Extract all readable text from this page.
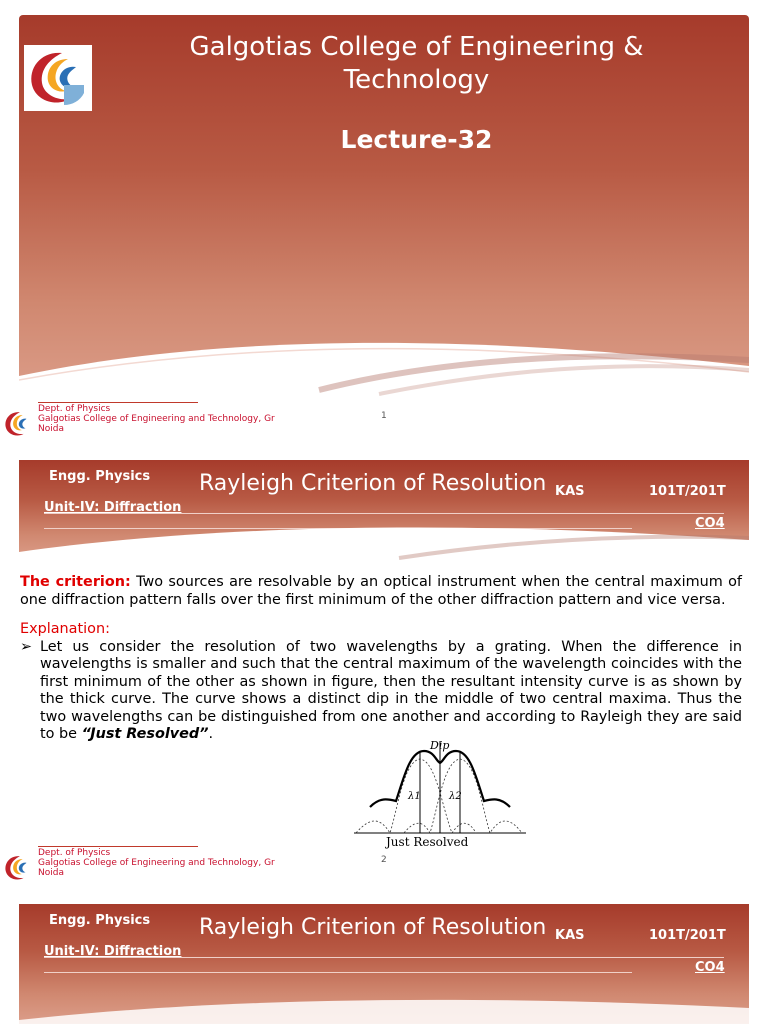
Galgotias College of Engineering & Technology
Lecture-32
Dept. of Physics
Galgotias College of Engineering and Technology, Gr Noida
1
Engg. Physics Rayleigh Criterion of Resolution KAS	101T/201T
Unit-IV: Diffraction
CO4

The criterion: Two sources are resolvable by an optical instrument when the central maximum of one diffraction pattern falls over the first minimum of the other diffraction pattern and vice versa.

Explanation:
➢ Let us consider the resolution of two wavelengths by a grating. When the difference in wavelengths is smaller and such that the central maximum of the wavelength coincides with the first minimum of the other as shown in figure, then the resultant intensity curve is as shown by the thick curve. The curve shows a distinct dip in the middle of two central maxima. Thus the two wavelengths can be distinguished from one another and according to Rayleigh they are said to be “Just Resolved”.
Dip
λ1	λ2
Just Resolved
Dept. of Physics
Galgotias College of Engineering and Technology, Gr Noida
2
Engg. Physics Rayleigh Criterion of Resolution KAS	101T/201T
Unit-IV: Diffraction
CO4
